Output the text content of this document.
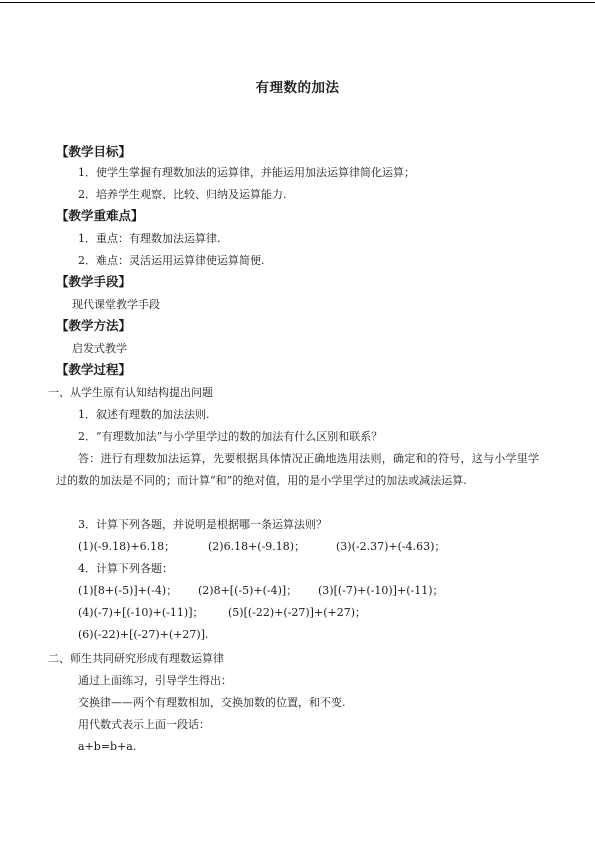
有理数的加法
【教学目标】
1．使学生掌握有理数加法的运算律，并能运用加法运算律简化运算；
2．培养学生观察、比较、归纳及运算能力.
【教学重难点】
1．重点：有理数加法运算律.
2．难点：灵活运用运算律使运算简便.
【教学手段】
现代课堂教学手段
【教学方法】
启发式教学
【教学过程】
一、从学生原有认知结构提出问题
1．叙述有理数的加法法则.
2．“有理数加法”与小学里学过的数的加法有什么区别和联系？
答：进行有理数加法运算，先要根据具体情况正确地选用法则，确定和的符号，这与小学里学过的数的加法是不同的；而计算“和”的绝对值，用的是小学里学过的加法或减法运算.
3．计算下列各题，并说明是根据哪一条运算法则？
(1)(-9.18)+6.18；	(2)6.18+(-9.18)；	(3)(-2.37)+(-4.63)；
4．计算下列各题：
(1)[8+(-5)]+(-4)； (2)8+[(-5)+(-4)]； (3)[(-7)+(-10)]+(-11)；
(4)(-7)+[(-10)+(-11)]； (5)[(-22)+(-27)]+(+27)；
(6)(-22)+[(-27)+(+27)].
二、师生共同研究形成有理数运算律
通过上面练习，引导学生得出：
交换律——两个有理数相加，交换加数的位置，和不变.
用代数式表示上面一段话：
a+b=b+a.
